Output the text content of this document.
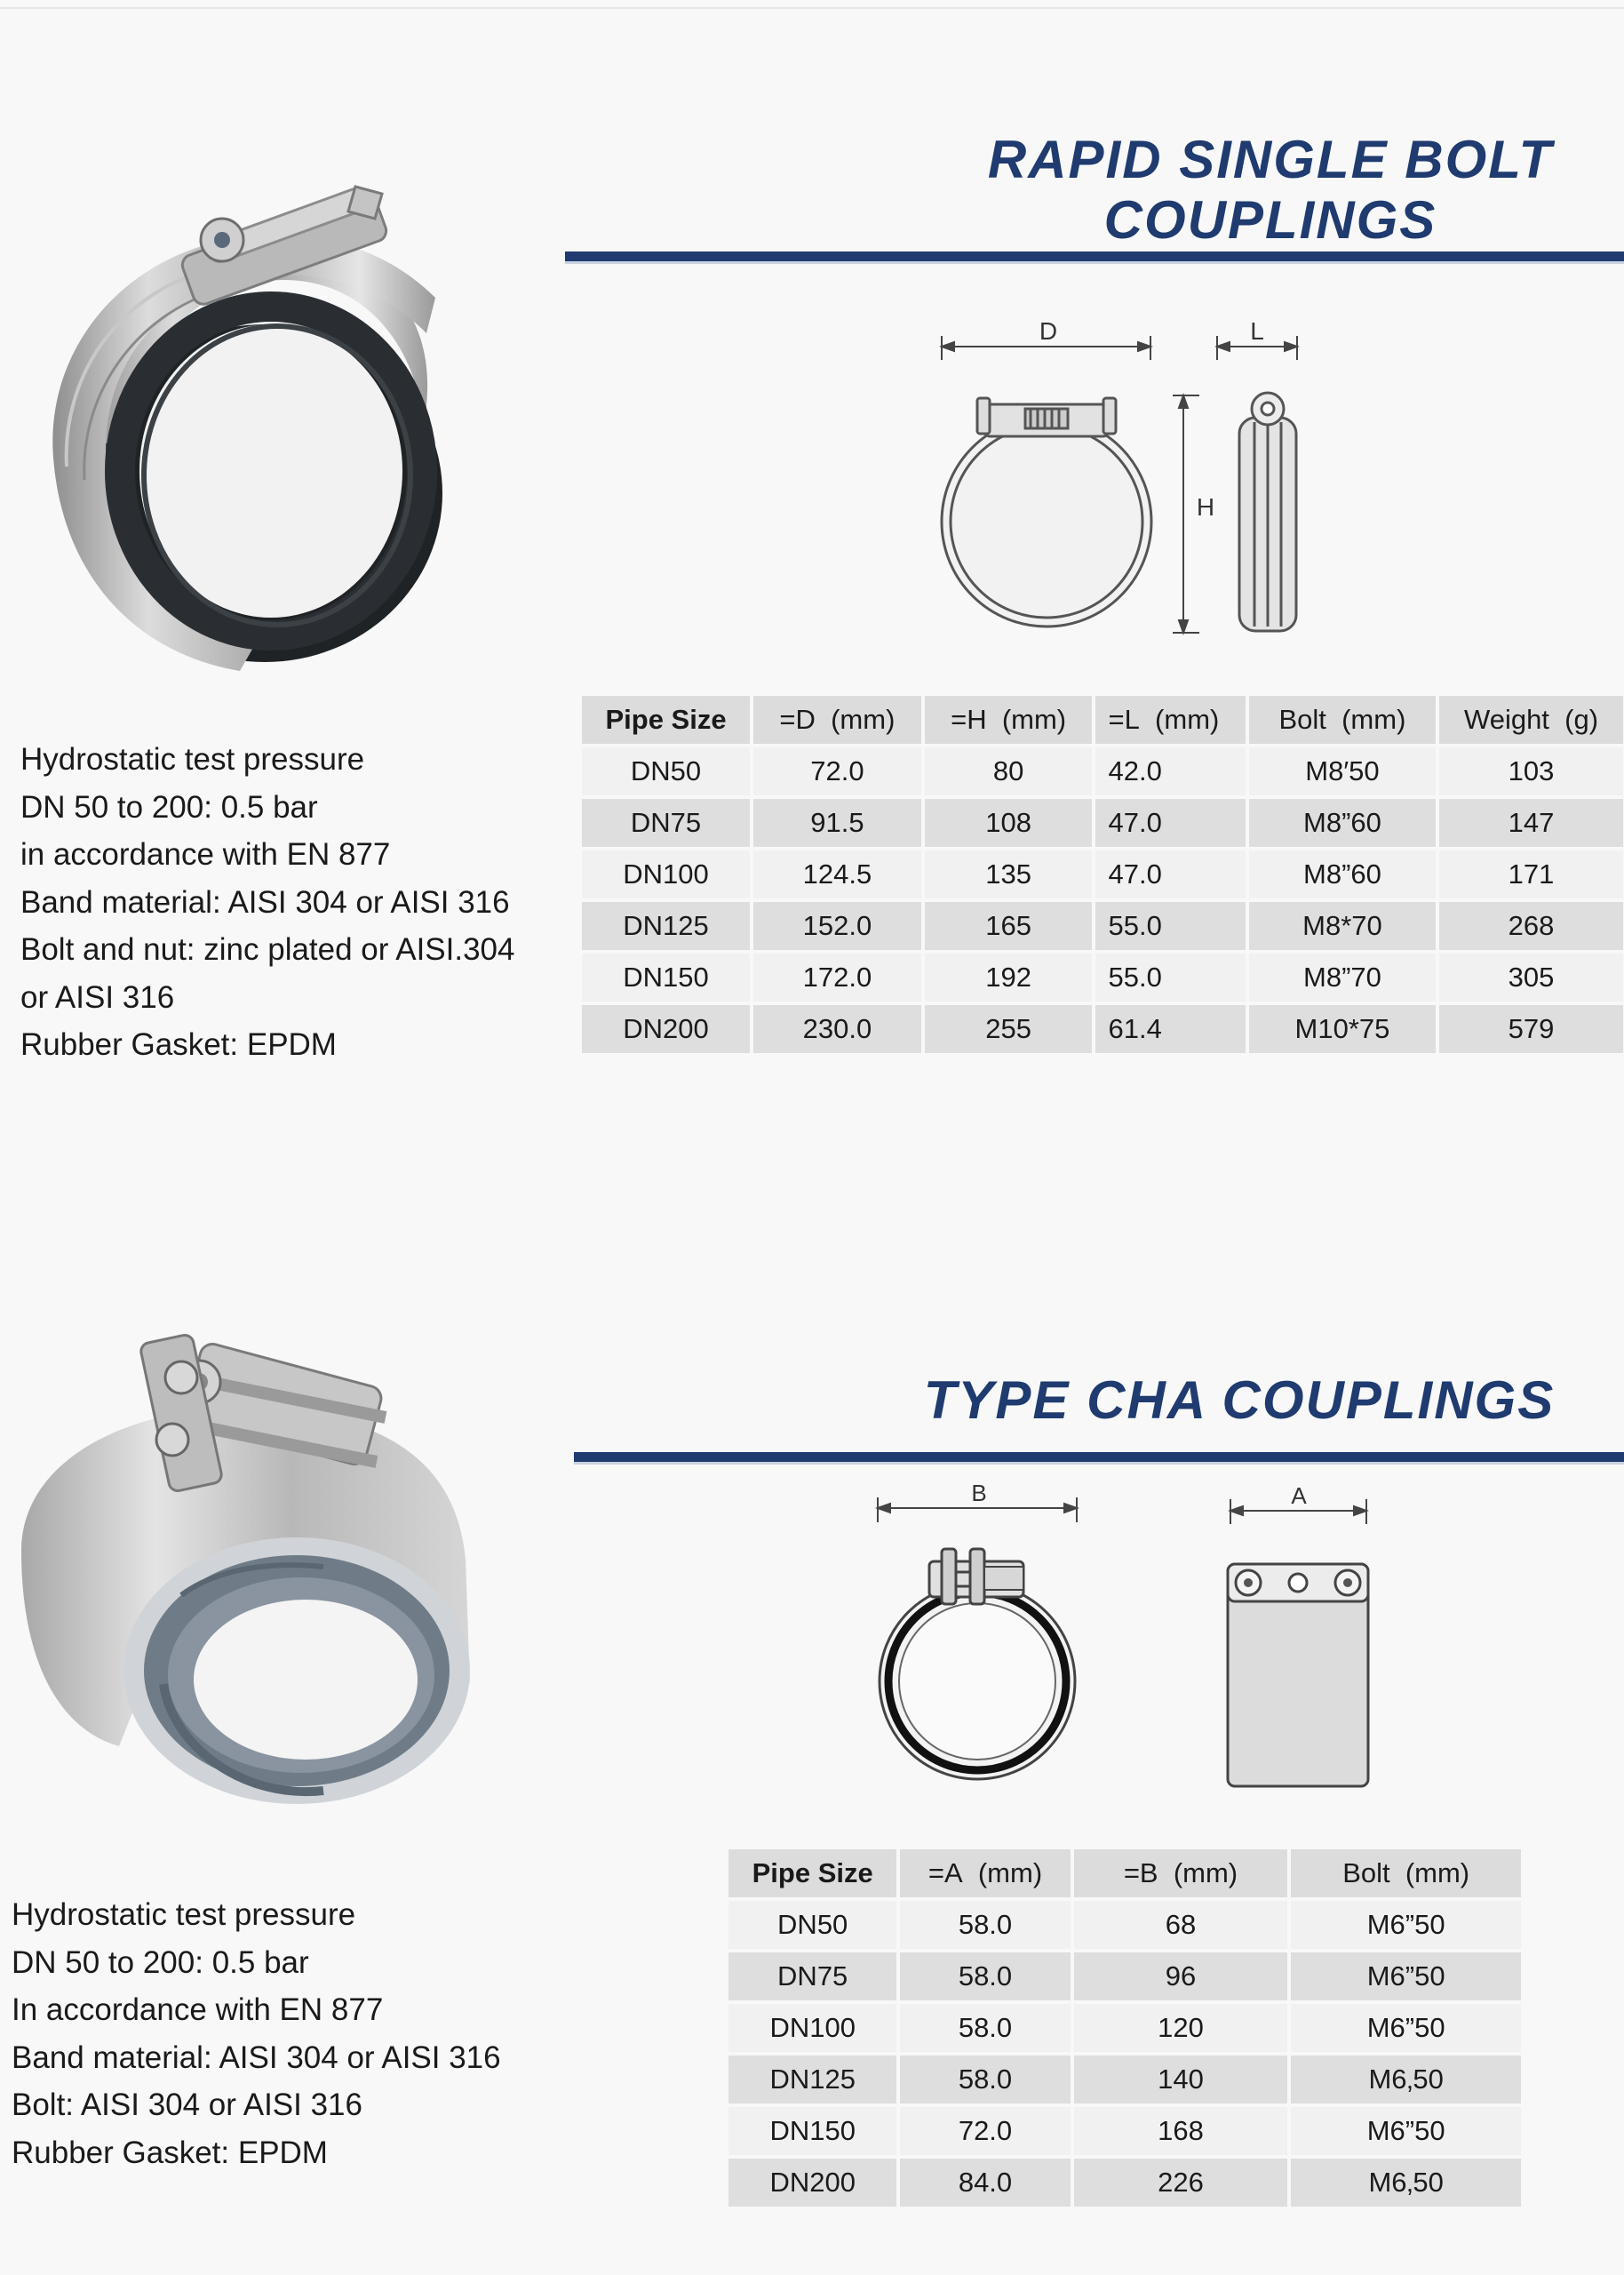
RAPID SINGLE BOLT
COUPLINGS
D	L
H
Hydrostatic test pressure
DN 50 to 200: 0.5 bar
in accordance with EN 877
Band material: AISI 304 or AISI 316
Bolt and nut: zinc plated or AISI.304
or AISI 316
Rubber Gasket: EPDM
Pipe Size	=D  (mm)	=H  (mm)	=L  (mm)	Bolt  (mm)	Weight  (g)
DN50	72.0	80	42.0	M8′50	103
DN75	91.5	108	47.0	M8”60	147
DN100	124.5	135	47.0	M8”60	171
DN125	152.0	165	55.0	M8*70	268
DN150	172.0	192	55.0	M8”70	305
DN200	230.0	255	61.4	M10*75	579
TYPE CHA COUPLINGS
B	A
Hydrostatic test pressure
DN 50 to 200: 0.5 bar
In accordance with EN 877
Band material: AISI 304 or AISI 316
Bolt: AISI 304 or AISI 316
Rubber Gasket: EPDM
Pipe Size	=A  (mm)	=B  (mm)	Bolt  (mm)
DN50	58.0	68	M6”50
DN75	58.0	96	M6”50
DN100	58.0	120	M6”50
DN125	58.0	140	M6‚50
DN150	72.0	168	M6”50
DN200	84.0	226	M6‚50
